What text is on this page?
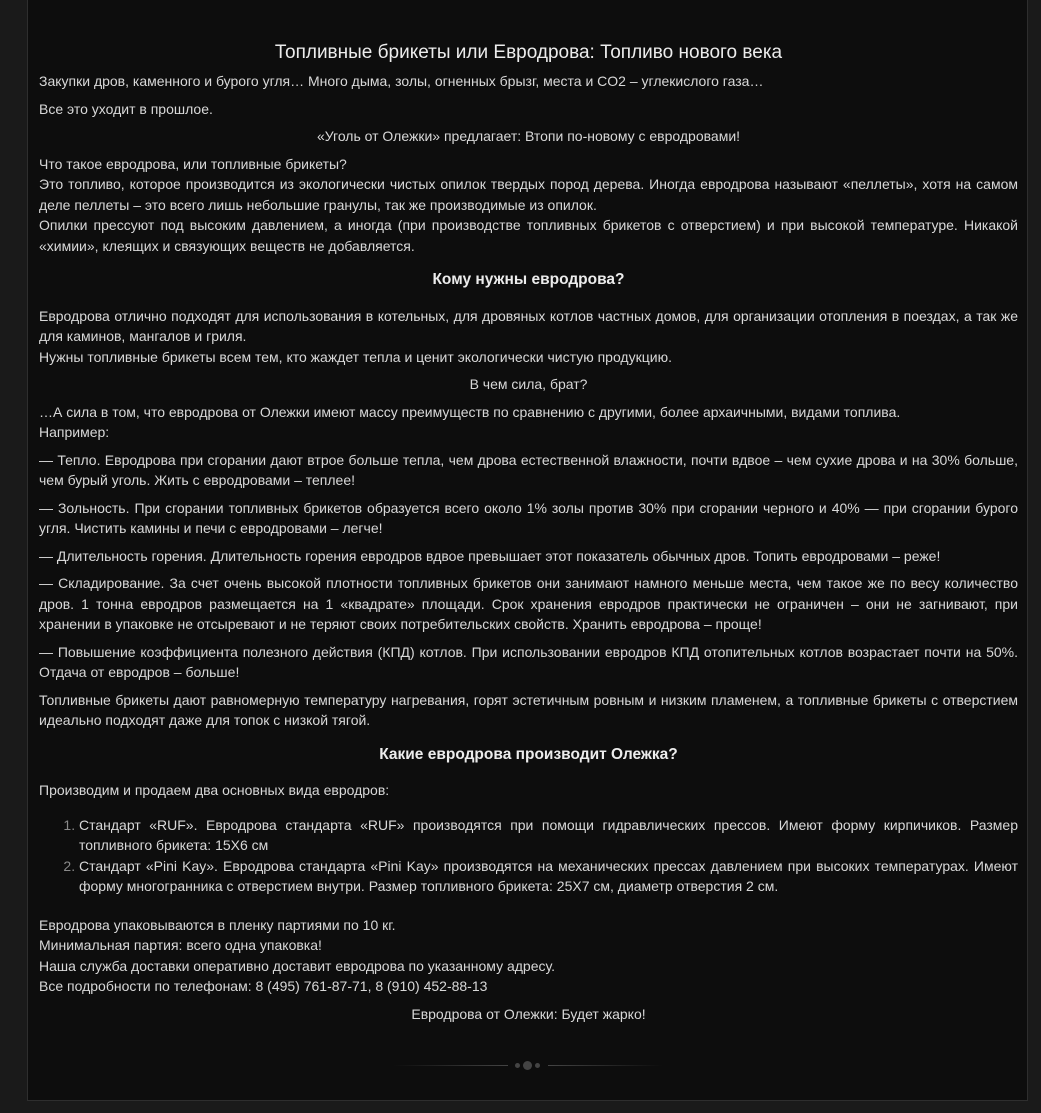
Топливные брикеты или Евродрова: Топливо нового века

Закупки дров, каменного и бурого угля… Много дыма, золы, огненных брызг, места и CO2 – углекислого газа…

Все это уходит в прошлое.

«Уголь от Олежки» предлагает: Втопи по-новому с евродровами!

Что такое евродрова, или топливные брикеты?

Это топливо, которое производится из экологически чистых опилок твердых пород дерева. Иногда евродрова называют «пеллеты», хотя на самом деле пеллеты – это всего лишь небольшие гранулы, так же производимые из опилок.

Опилки прессуют под высоким давлением, а иногда (при производстве топливных брикетов с отверстием) и при высокой температуре. Никакой «химии», клеящих и связующих веществ не добавляется.

Кому нужны евродрова?

Евродрова отлично подходят для использования в котельных, для дровяных котлов частных домов, для организации отопления в поездах, а так же для каминов, мангалов и гриля.

Нужны топливные брикеты всем тем, кто жаждет тепла и ценит экологически чистую продукцию.

В чем сила, брат?

…А сила в том, что евродрова от Олежки имеют массу преимуществ по сравнению с другими, более архаичными, видами топлива.

Например:

— Тепло. Евродрова при сгорании дают втрое больше тепла, чем дрова естественной влажности, почти вдвое – чем сухие дрова и на 30% больше, чем бурый уголь. Жить с евродровами – теплее!

— Зольность. При сгорании топливных брикетов образуется всего около 1% золы против 30% при сгорании черного и 40% — при сгорании бурого угля. Чистить камины и печи с евродровами – легче!

— Длительность горения. Длительность горения евродров вдвое превышает этот показатель обычных дров. Топить евродровами – реже!

— Складирование. За счет очень высокой плотности топливных брикетов они занимают намного меньше места, чем такое же по весу количество дров. 1 тонна евродров размещается на 1 «квадрате» площади. Срок хранения евродров практически не ограничен – они не загнивают, при хранении в упаковке не отсыревают и не теряют своих потребительских свойств. Хранить евродрова – проще!

— Повышение коэффициента полезного действия (КПД) котлов. При использовании евродров КПД отопительных котлов возрастает почти на 50%. Отдача от евродров – больше!

Топливные брикеты дают равномерную температуру нагревания, горят эстетичным ровным и низким пламенем, а топливные брикеты с отверстием идеально подходят даже для топок с низкой тягой.

Какие евродрова производит Олежка?

Производим и продаем два основных вида евродров:

1. Стандарт «RUF». Евродрова стандарта «RUF» производятся при помощи гидравлических прессов. Имеют форму кирпичиков. Размер топливного брикета: 15Х6 см
2. Стандарт «Pini Kay». Евродрова стандарта «Pini Kay» производятся на механических прессах давлением при высоких температурах. Имеют форму многогранника с отверстием внутри. Размер топливного брикета: 25Х7 см, диаметр отверстия 2 см.

Евродрова упаковываются в пленку партиями по 10 кг.

Минимальная партия: всего одна упаковка!

Наша служба доставки оперативно доставит евродрова по указанному адресу.

Все подробности по телефонам: 8 (495) 761-87-71, 8 (910) 452-88-13

Евродрова от Олежки: Будет жарко!
